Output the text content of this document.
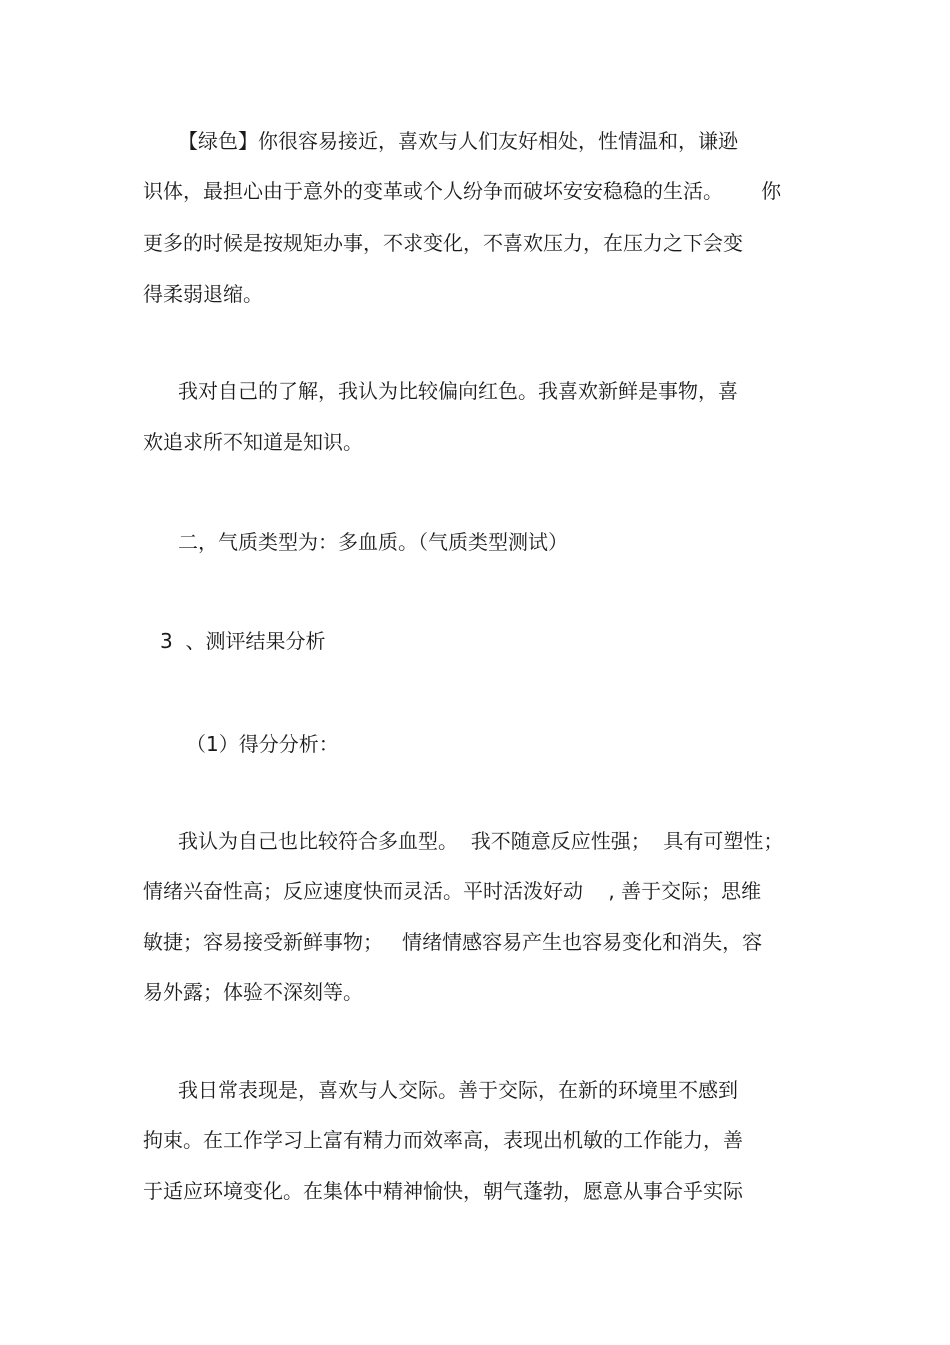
【绿色】你很容易接近，喜欢与人们友好相处，性情温和，谦逊
识体，最担心由于意外的变革或个人纷争而破坏安安稳稳的生活。      你
更多的时候是按规矩办事，不求变化，不喜欢压力，在压力之下会变
得柔弱退缩。
我对自己的了解，我认为比较偏向红色。我喜欢新鲜是事物，喜
欢追求所不知道是知识。
二，气质类型为：多血质。（气质类型测试）
3  、测评结果分析
（1）得分分析：
我认为自己也比较符合多血型。  我不随意反应性强；  具有可塑性；
情绪兴奋性高；反应速度快而灵活。平时活泼好动    , 善于交际；思维
敏捷；容易接受新鲜事物；   情绪情感容易产生也容易变化和消失，容
易外露；体验不深刻等。
我日常表现是，喜欢与人交际。善于交际，在新的环境里不感到
拘束。在工作学习上富有精力而效率高，表现出机敏的工作能力，善
于适应环境变化。在集体中精神愉快，朝气蓬勃，愿意从事合乎实际
